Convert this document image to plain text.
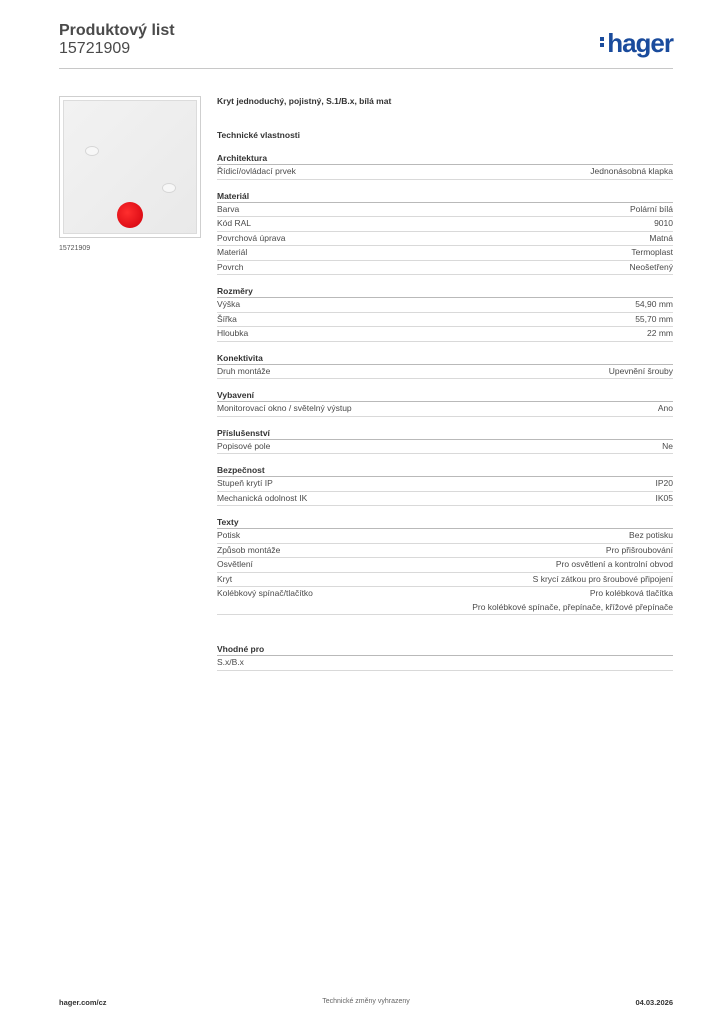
Produktový list
15721909	hager
15721909
Kryt jednoduchý, pojistný, S.1/B.x, bílá mat
Technické vlastnosti
Architektura
Řídicí/ovládací prvek	Jednonásobná klapka
Materiál
Barva	Polární bílá
Kód RAL	9010
Povrchová úprava	Matná
Materiál	Termoplast
Povrch	Neošetřený
Rozměry
Výška	54,90 mm
Šířka	55,70 mm
Hloubka	22 mm
Konektivita
Druh montáže	Upevnění šrouby
Vybavení
Monitorovací okno / světelný výstup	Ano
Příslušenství
Popisové pole	Ne
Bezpečnost
Stupeň krytí IP	IP20
Mechanická odolnost IK	IK05
Texty
Potisk	Bez potisku
Způsob montáže	Pro přišroubování
Osvětlení	Pro osvětlení a kontrolní obvod
Kryt	S krycí zátkou pro šroubové připojení
Kolébkový spínač/tlačítko	Pro kolébková tlačítka
Pro kolébkové spínače, přepínače, křížové přepínače
Vhodné pro
S.x/B.x
hager.com/cz	Technické změny vyhrazeny	04.03.2026
